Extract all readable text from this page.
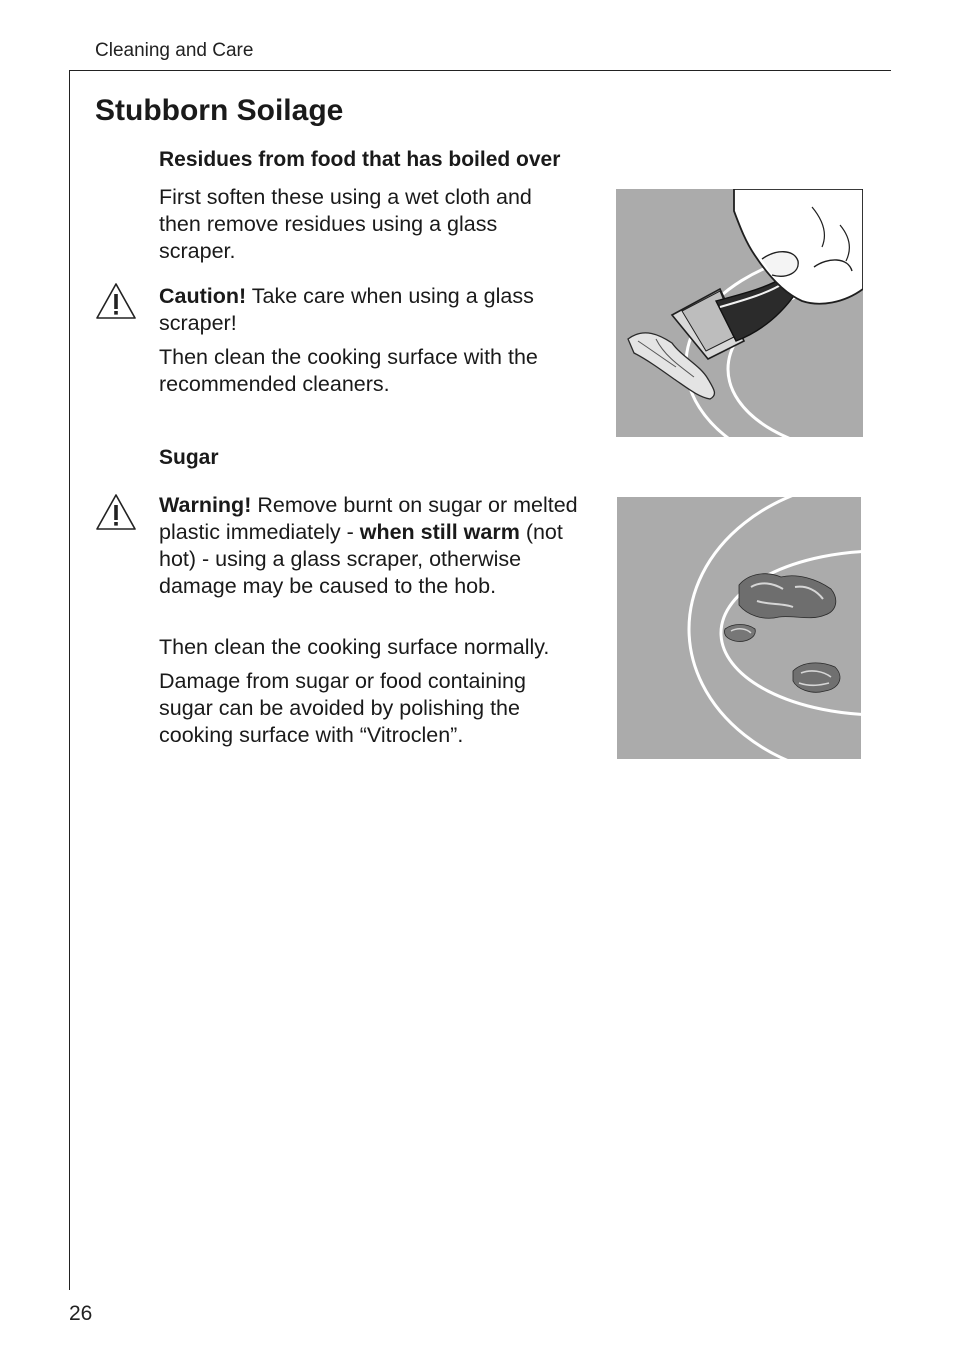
Cleaning and Care
Stubborn Soilage
Residues from food that has boiled over

First soften these using a wet cloth and then remove residues using a glass scraper.

Caution! Take care when using a glass scraper!

Then clean the cooking surface with the recommended cleaners.

Sugar

Warning! Remove burnt on sugar or melted plastic immediately - when still warm (not hot) - using a glass scraper, otherwise damage may be caused to the hob.

Then clean the cooking surface normally.

Damage from sugar or food containing sugar can be avoided by polishing the cooking surface with “Vitroclen”.

26
